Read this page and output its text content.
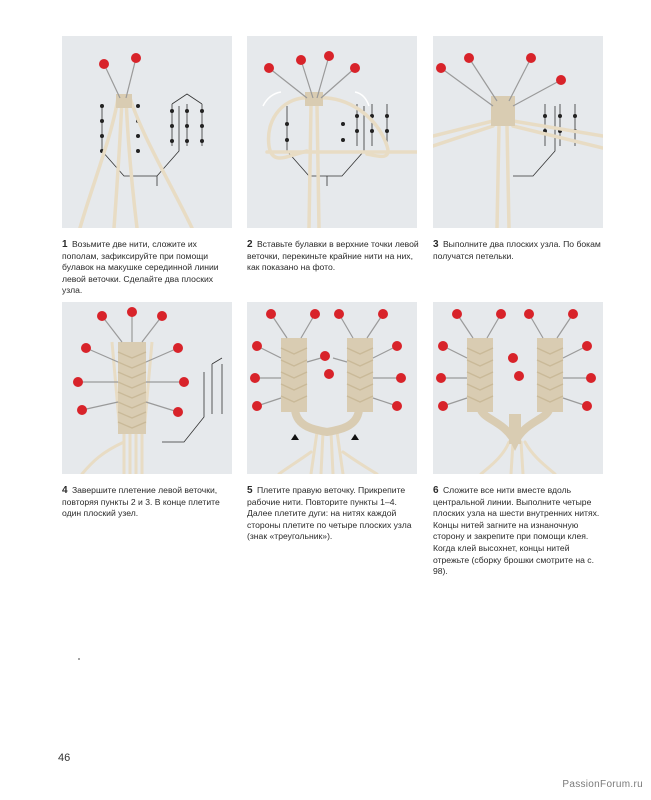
1 Возьмите две нити, сложите их пополам, зафиксируйте при помощи булавок на макушке серединной линии левой веточки. Сделайте два плоских узла.
2 Вставьте булавки в верхние точки левой веточки, перекиньте крайние нити на них, как показано на фото.
3 Выполните два плоских узла. По бокам получатся петельки.
4 Завершите плетение левой веточки, повторяя пункты 2 и 3. В конце плетите один плоский узел.
5 Плетите правую веточку. Прикрепите рабочие нити. Повторите пункты 1–4. Далее плетите дуги: на нитях каждой стороны плетите по четыре плоских узла (знак «треугольник»).
6 Сложите все нити вместе вдоль центральной линии. Выполните четыре плоских узла на шести внутренних нитях. Концы нитей загните на изнаночную сторону и закрепите при помощи клея. Когда клей высохнет, концы нитей отрежьте (сборку брошки смотрите на с. 98).
46
PassionForum.ru
